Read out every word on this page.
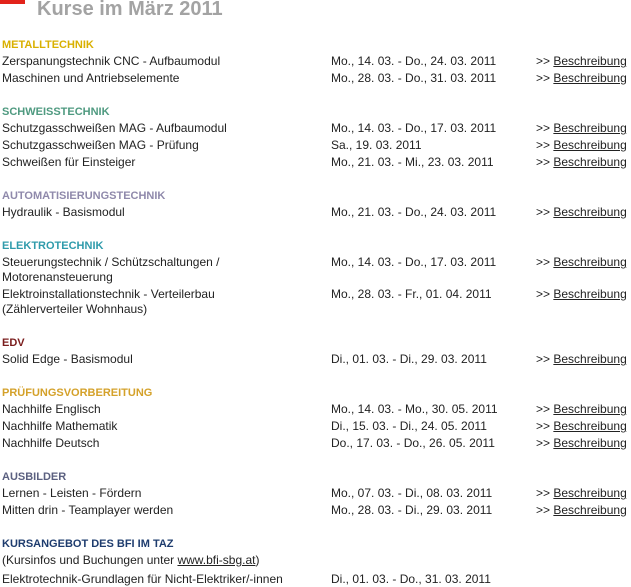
Kurse im März 2011
METALLTECHNIK
Zerspanungstechnik CNC - Aufbaumodul	Mo., 14. 03. - Do., 24. 03. 2011	>> Beschreibung
Maschinen und Antriebselemente	Mo., 28. 03. - Do., 31. 03. 2011	>> Beschreibung
SCHWEISSTECHNIK
Schutzgasschweißen MAG - Aufbaumodul	Mo., 14. 03. - Do., 17. 03. 2011	>> Beschreibung
Schutzgasschweißen MAG - Prüfung	Sa., 19. 03. 2011	>> Beschreibung
Schweißen für Einsteiger	Mo., 21. 03. - Mi., 23. 03. 2011	>> Beschreibung
AUTOMATISIERUNGSTECHNIK
Hydraulik - Basismodul	Mo., 21. 03. - Do., 24. 03. 2011	>> Beschreibung
ELEKTROTECHNIK
Steuerungstechnik / Schützschaltungen /
Motorenansteuerung
Mo., 14. 03. - Do., 17. 03. 2011	>> Beschreibung
Elektroinstallationstechnik - Verteilerbau
(Zählerverteiler Wohnhaus)
Mo., 28. 03. - Fr., 01. 04. 2011	>> Beschreibung
EDV
Solid Edge - Basismodul	Di., 01. 03. - Di., 29. 03. 2011	>> Beschreibung
PRÜFUNGSVORBEREITUNG
Nachhilfe Englisch	Mo., 14. 03. - Mo., 30. 05. 2011	>> Beschreibung
Nachhilfe Mathematik	Di., 15. 03. - Di., 24. 05. 2011	>> Beschreibung
Nachhilfe Deutsch	Do., 17. 03. - Do., 26. 05. 2011	>> Beschreibung
AUSBILDER
Lernen - Leisten - Fördern	Mo., 07. 03. - Di., 08. 03. 2011	>> Beschreibung
Mitten drin - Teamplayer werden	Mo., 28. 03. - Di., 29. 03. 2011	>> Beschreibung
KURSANGEBOT DES BFI IM TAZ
(Kursinfos und Buchungen unter www.bfi-sbg.at)
Elektrotechnik-Grundlagen für Nicht-Elektriker/-innen	Di., 01. 03. - Do., 31. 03. 2011
